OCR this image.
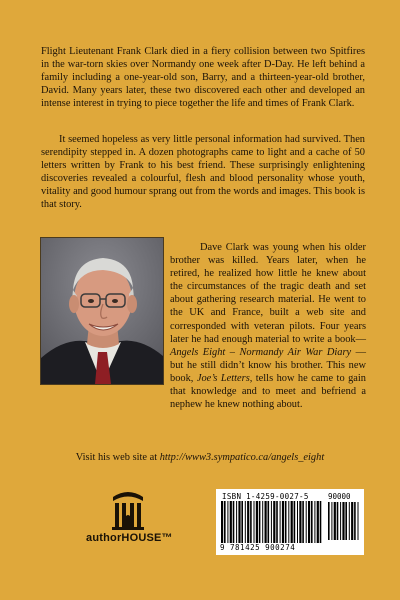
Flight Lieutenant Frank Clark died in a fiery collision between two Spitfires in the war-torn skies over Normandy one week after D-Day. He left behind a family including a one-year-old son, Barry, and a thirteen-year-old brother, David. Many years later, these two discovered each other and developed an intense interest in trying to piece together the life and times of Frank Clark.

It seemed hopeless as very little personal information had survived. Then serendipity stepped in. A dozen photographs came to light and a cache of 50 letters written by Frank to his best friend. These surprisingly enlightening discoveries revealed a colourful, flesh and blood personality whose youth, vitality and good humour sprang out from the words and images. This book is that story.

Dave Clark was young when his older brother was killed. Years later, when he retired, he realized how little he knew about the circumstances of the tragic death and set about gathering research material. He went to the UK and France, built a web site and corresponded with veteran pilots. Four years later he had enough material to write a book— Angels Eight – Normandy Air War Diary — but he still didn’t know his brother. This new book, Joe’s Letters, tells how he came to gain that knowledge and to meet and befriend a nephew he knew nothing about.

Visit his web site at http://www3.sympatico.ca/angels_eight
authorHOUSE™
ISBN 1-4259-0027-5	90000
9 781425 900274
